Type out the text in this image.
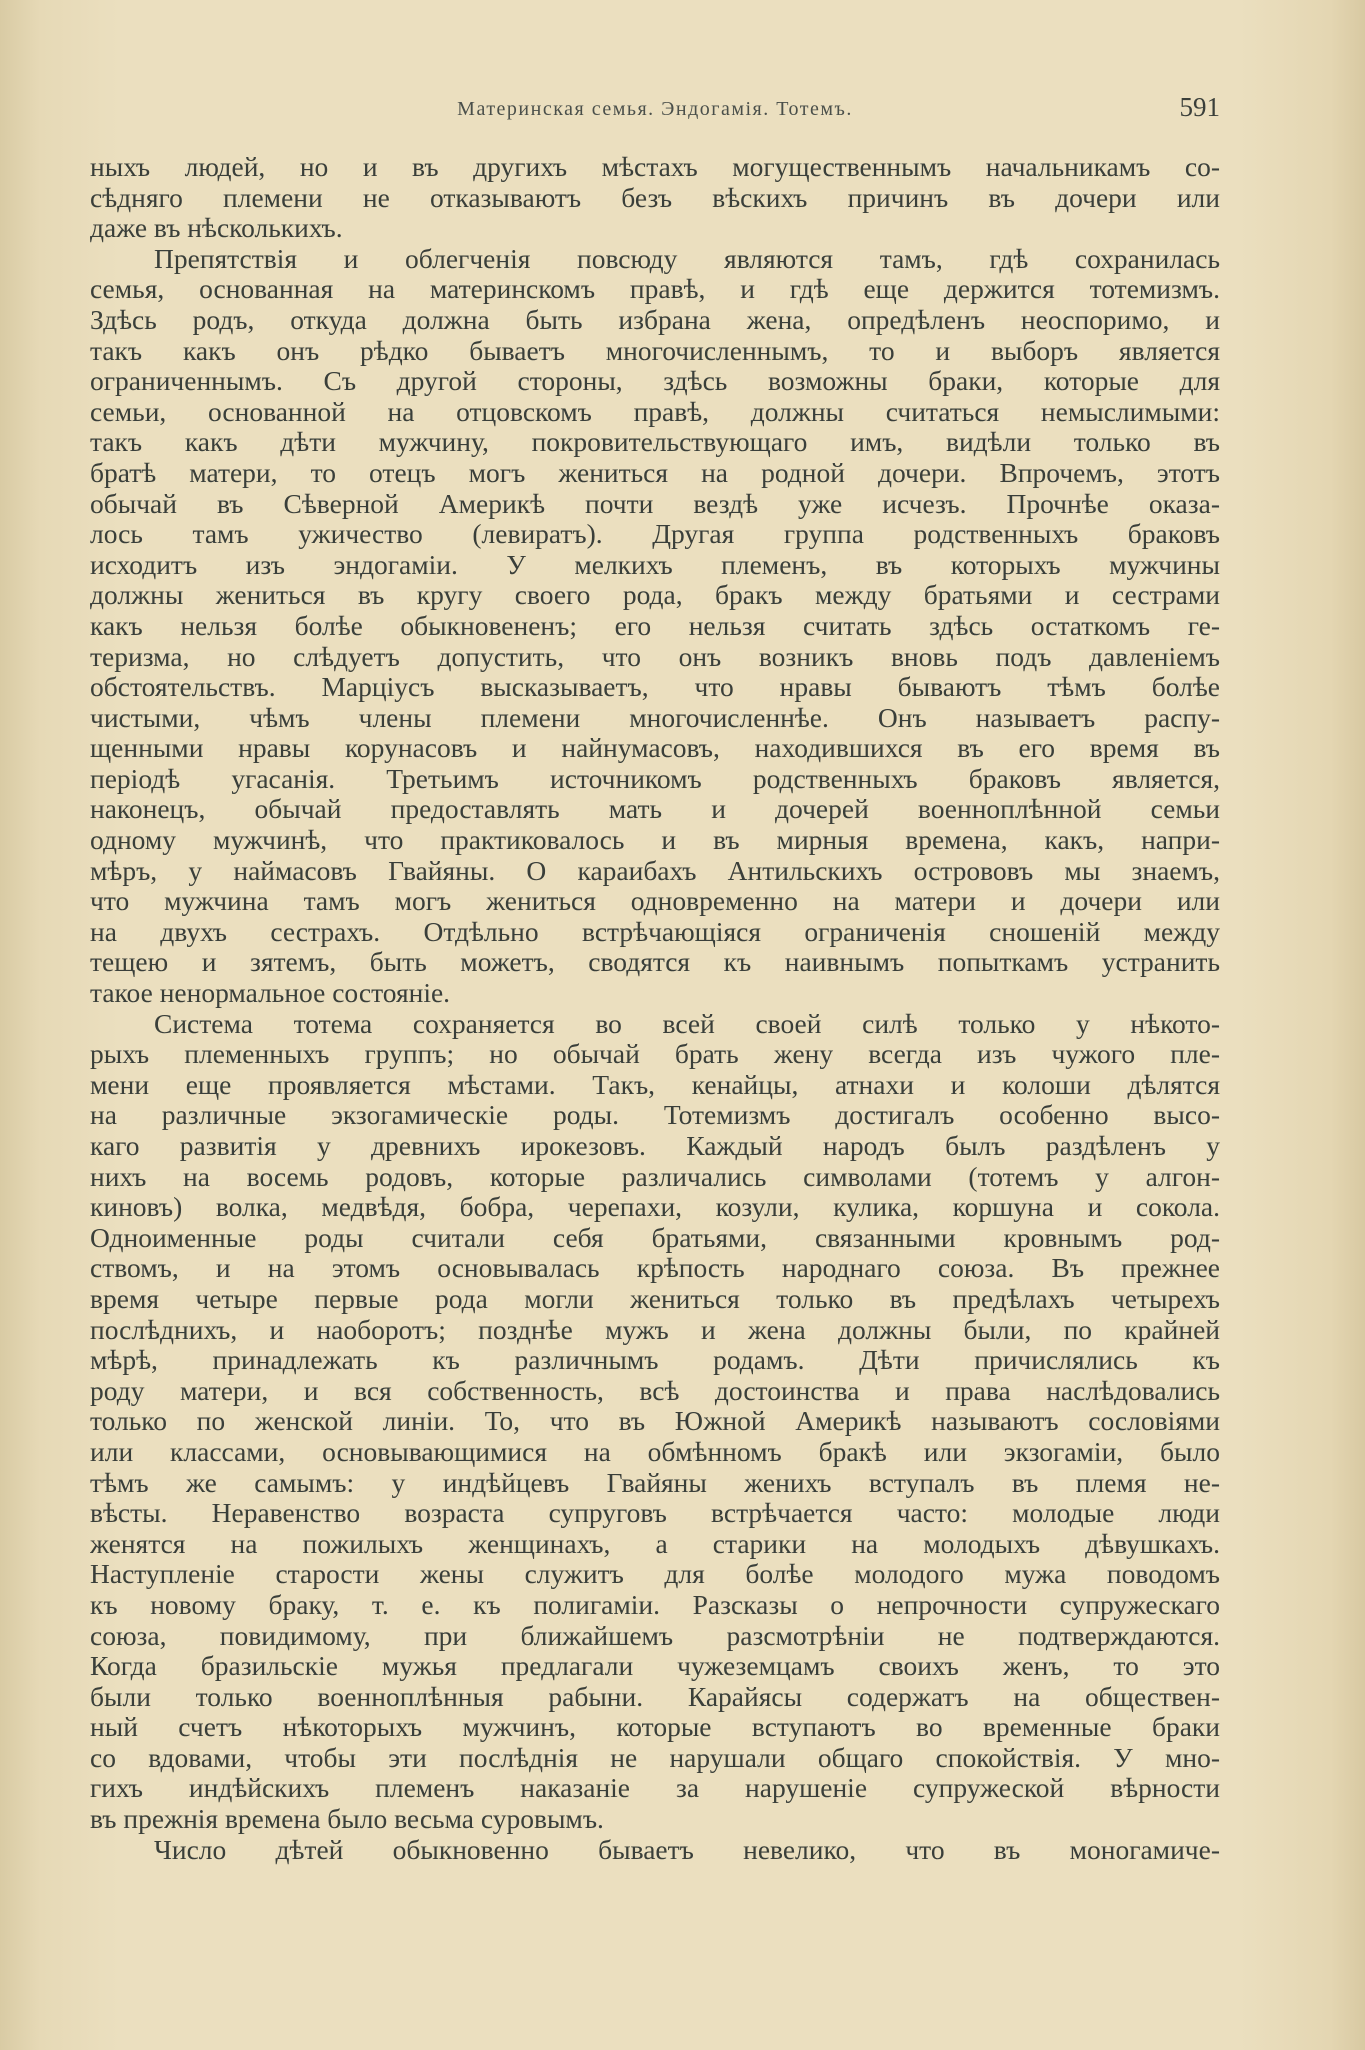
Материнская семья. Эндогамія. Тотемъ.	591
ныхъ людей, но и въ другихъ мѣстахъ могущественнымъ начальникамъ со-
сѣдняго племени не отказываютъ безъ вѣскихъ причинъ въ дочери или
даже въ нѣсколькихъ.
Препятствія и облегченія повсюду являются тамъ, гдѣ сохранилась
семья, основанная на материнскомъ правѣ, и гдѣ еще держится тотемизмъ.
Здѣсь родъ, откуда должна быть избрана жена, опредѣленъ неоспоримо, и
такъ какъ онъ рѣдко бываетъ многочисленнымъ, то и выборъ является
ограниченнымъ. Съ другой стороны, здѣсь возможны браки, которые для
семьи, основанной на отцовскомъ правѣ, должны считаться немыслимыми:
такъ какъ дѣти мужчину, покровительствующаго имъ, видѣли только въ
братѣ матери, то отецъ могъ жениться на родной дочери. Впрочемъ, этотъ
обычай въ Сѣверной Америкѣ почти вездѣ уже исчезъ. Прочнѣе оказа-
лось тамъ ужичество (левиратъ). Другая группа родственныхъ браковъ
исходитъ изъ эндогаміи. У мелкихъ племенъ, въ которыхъ мужчины
должны жениться въ кругу своего рода, бракъ между братьями и сестрами
какъ нельзя болѣе обыкновененъ; его нельзя считать здѣсь остаткомъ ге-
теризма, но слѣдуетъ допустить, что онъ возникъ вновь подъ давленіемъ
обстоятельствъ. Марціусъ высказываетъ, что нравы бываютъ тѣмъ болѣе
чистыми, чѣмъ члены племени многочисленнѣе. Онъ называетъ распу-
щенными нравы корунасовъ и найнумасовъ, находившихся въ его время въ
періодѣ угасанія. Третьимъ источникомъ родственныхъ браковъ является,
наконецъ, обычай предоставлять мать и дочерей военноплѣнной семьи
одному мужчинѣ, что практиковалось и въ мирныя времена, какъ, напри-
мѣръ, у наймасовъ Гвайяны. О караибахъ Антильскихъ острововъ мы знаемъ,
что мужчина тамъ могъ жениться одновременно на матери и дочери или
на двухъ сестрахъ. Отдѣльно встрѣчающіяся ограниченія сношеній между
тещею и зятемъ, быть можетъ, сводятся къ наивнымъ попыткамъ устранить
такое ненормальное состояніе.
Система тотема сохраняется во всей своей силѣ только у нѣкото-
рыхъ племенныхъ группъ; но обычай брать жену всегда изъ чужого пле-
мени еще проявляется мѣстами. Такъ, кенайцы, атнахи и колоши дѣлятся
на различные экзогамическіе роды. Тотемизмъ достигалъ особенно высо-
каго развитія у древнихъ ирокезовъ. Каждый народъ былъ раздѣленъ у
нихъ на восемь родовъ, которые различались символами (тотемъ у алгон-
киновъ) волка, медвѣдя, бобра, черепахи, козули, кулика, коршуна и сокола.
Одноименные роды считали себя братьями, связанными кровнымъ род-
ствомъ, и на этомъ основывалась крѣпость народнаго союза. Въ прежнее
время четыре первые рода могли жениться только въ предѣлахъ четырехъ
послѣднихъ, и наоборотъ; позднѣе мужъ и жена должны были, по крайней
мѣрѣ, принадлежать къ различнымъ родамъ. Дѣти причислялись къ
роду матери, и вся собственность, всѣ достоинства и права наслѣдовались
только по женской линіи. То, что въ Южной Америкѣ называютъ сословіями
или классами, основывающимися на обмѣнномъ бракѣ или экзогаміи, было
тѣмъ же самымъ: у индѣйцевъ Гвайяны женихъ вступалъ въ племя не-
вѣсты. Неравенство возраста супруговъ встрѣчается часто: молодые люди
женятся на пожилыхъ женщинахъ, а старики на молодыхъ дѣвушкахъ.
Наступленіе старости жены служитъ для болѣе молодого мужа поводомъ
къ новому браку, т. е. къ полигаміи. Разсказы о непрочности супружескаго
союза, повидимому, при ближайшемъ разсмотрѣніи не подтверждаются.
Когда бразильскіе мужья предлагали чужеземцамъ своихъ женъ, то это
были только военноплѣнныя рабыни. Карайясы содержатъ на обществен-
ный счетъ нѣкоторыхъ мужчинъ, которые вступаютъ во временные браки
со вдовами, чтобы эти послѣднія не нарушали общаго спокойствія. У мно-
гихъ индѣйскихъ племенъ наказаніе за нарушеніе супружеской вѣрности
въ прежнія времена было весьма суровымъ.
Число дѣтей обыкновенно бываетъ невелико, что въ моногамиче-
